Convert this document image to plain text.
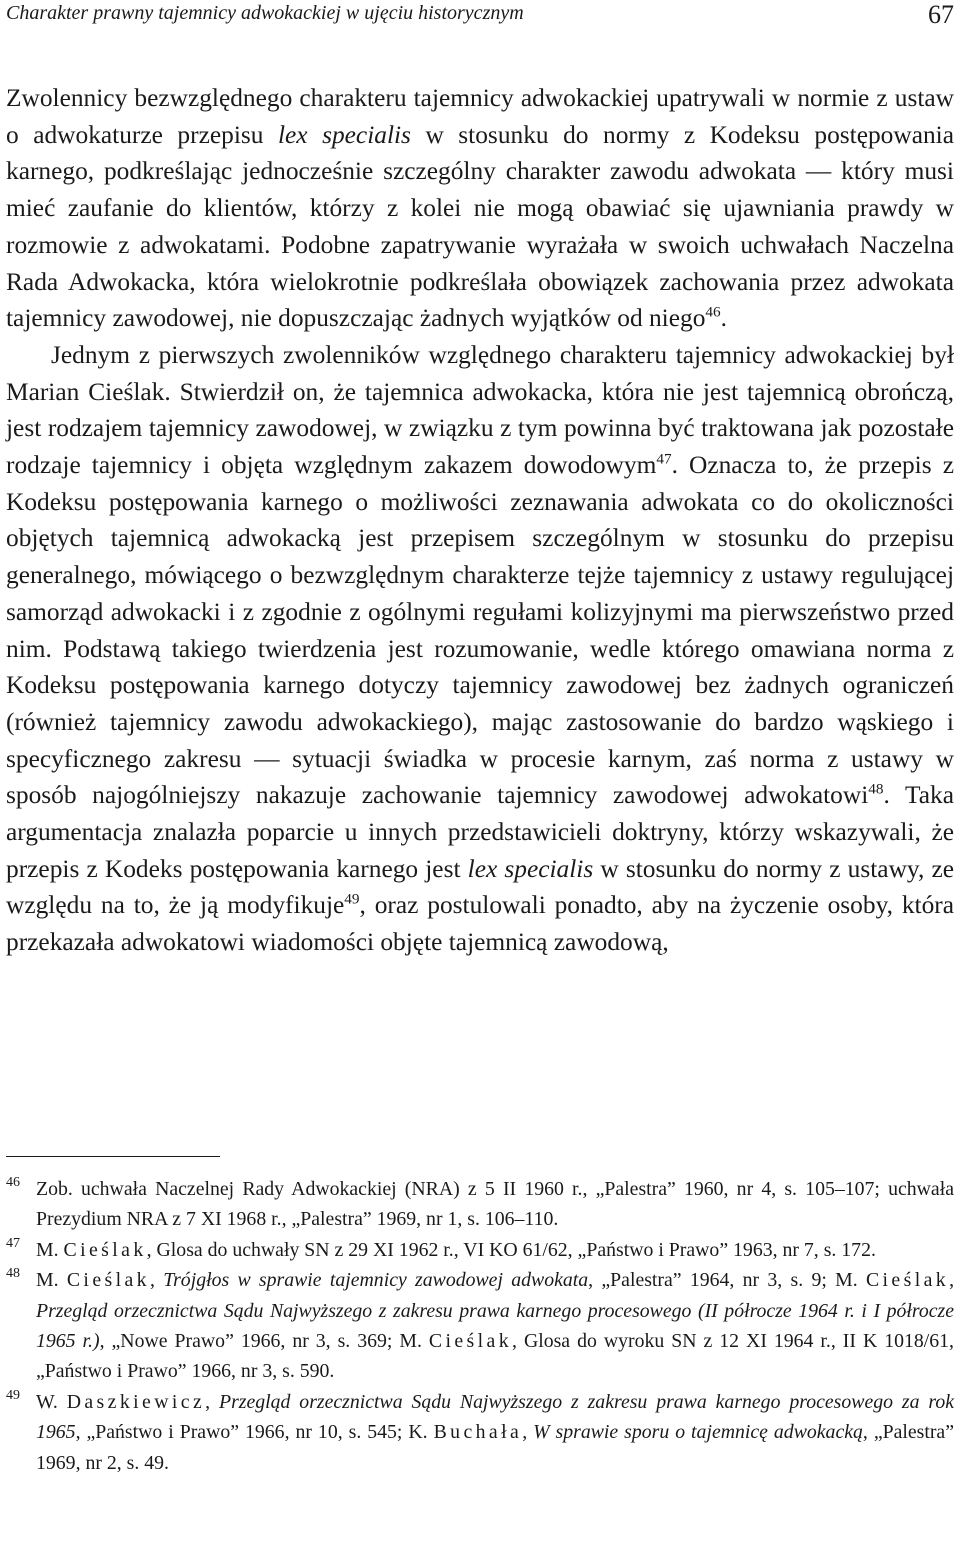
Charakter prawny tajemnicy adwokackiej w ujęciu historycznym	67

Zwolennicy bezwzględnego charakteru tajemnicy adwokackiej upatrywali w normie z ustaw o adwokaturze przepisu lex specialis w stosunku do normy z Kodeksu postępowania karnego, podkreślając jednocześnie szczególny charakter zawodu adwokata — który musi mieć zaufanie do klientów, którzy z kolei nie mogą obawiać się ujawniania prawdy w rozmowie z adwokatami. Podobne zapatrywanie wyrażała w swoich uchwałach Naczelna Rada Adwokacka, która wielokrotnie podkreślała obowiązek zachowania przez adwokata tajemnicy zawodowej, nie dopuszczając żadnych wyjątków od niego$^{46}$.

Jednym z pierwszych zwolenników względnego charakteru tajemnicy adwokackiej był Marian Cieślak. Stwierdził on, że tajemnica adwokacka, która nie jest tajemnicą obrończą, jest rodzajem tajemnicy zawodowej, w związku z tym powinna być traktowana jak pozostałe rodzaje tajemnicy i objęta względnym zakazem dowodowym$^{47}$. Oznacza to, że przepis z Kodeksu postępowania karnego o możliwości zeznawania adwokata co do okoliczności objętych tajemnicą adwokacką jest przepisem szczególnym w stosunku do przepisu generalnego, mówiącego o bezwzględnym charakterze tejże tajemnicy z ustawy regulującej samorząd adwokacki i z zgodnie z ogólnymi regułami kolizyjnymi ma pierwszeństwo przed nim. Podstawą takiego twierdzenia jest rozumowanie, wedle którego omawiana norma z Kodeksu postępowania karnego dotyczy tajemnicy zawodowej bez żadnych ograniczeń (również tajemnicy zawodu adwokackiego), mając zastosowanie do bardzo wąskiego i specyficznego zakresu — sytuacji świadka w procesie karnym, zaś norma z ustawy w sposób najogólniejszy nakazuje zachowanie tajemnicy zawodowej adwokatowi$^{48}$. Taka argumentacja znalazła poparcie u innych przedstawicieli doktryny, którzy wskazywali, że przepis z Kodeks postępowania karnego jest lex specialis w stosunku do normy z ustawy, ze względu na to, że ją modyfikuje$^{49}$, oraz postulowali ponadto, aby na życzenie osoby, która przekazała adwokatowi wiadomości objęte tajemnicą zawodową,

46 Zob. uchwała Naczelnej Rady Adwokackiej (NRA) z 5 II 1960 r., „Palestra” 1960, nr 4, s. 105–107; uchwała Prezydium NRA z 7 XI 1968 r., „Palestra” 1969, nr 1, s. 106–110.
47 M. Cieślak, Glosa do uchwały SN z 29 XI 1962 r., VI KO 61/62, „Państwo i Prawo” 1963, nr 7, s. 172.
48 M. Cieślak, Trójgłos w sprawie tajemnicy zawodowej adwokata, „Palestra” 1964, nr 3, s. 9; M. Cieślak, Przegląd orzecznictwa Sądu Najwyższego z zakresu prawa karnego procesowego (II półrocze 1964 r. i I półrocze 1965 r.), „Nowe Prawo” 1966, nr 3, s. 369; M. Cieślak, Glosa do wyroku SN z 12 XI 1964 r., II K 1018/61, „Państwo i Prawo” 1966, nr 3, s. 590.
49 W. Daszkiewicz, Przegląd orzecznictwa Sądu Najwyższego z zakresu prawa karnego procesowego za rok 1965, „Państwo i Prawo” 1966, nr 10, s. 545; K. Buchała, W sprawie sporu o tajemnicę adwokacką, „Palestra” 1969, nr 2, s. 49.
